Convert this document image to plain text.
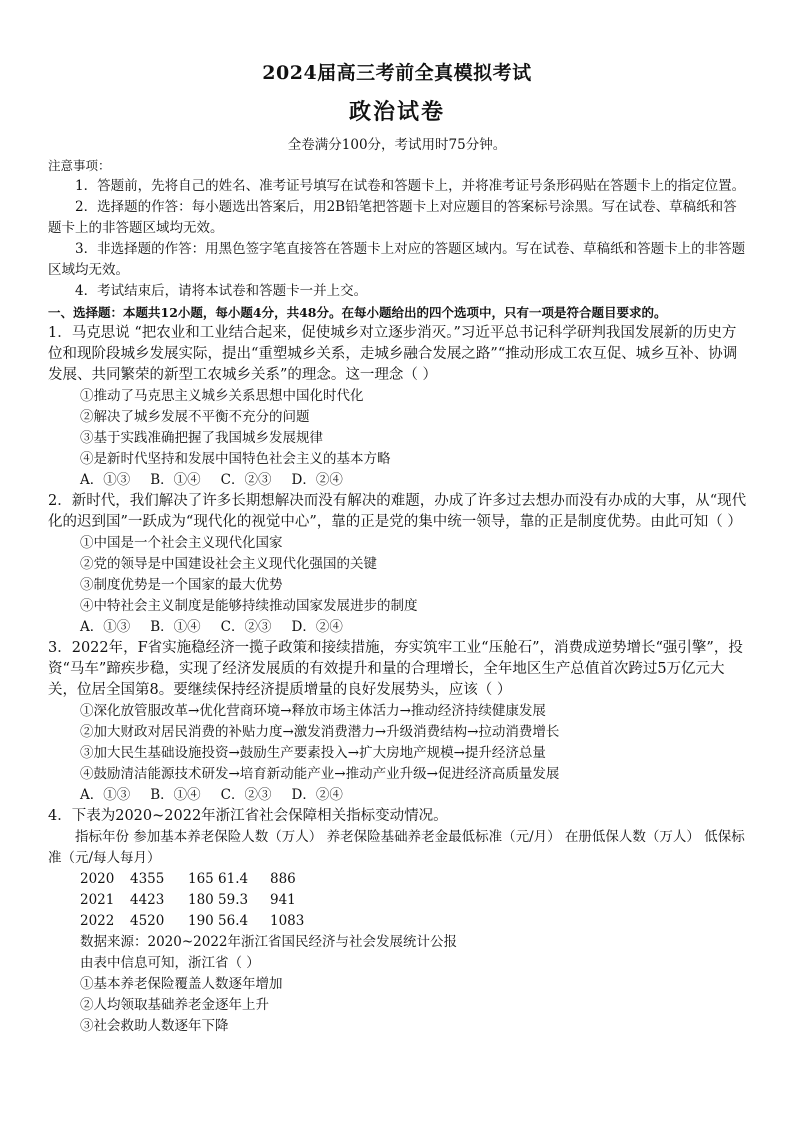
2024届高三考前全真模拟考试
政治试卷
全卷满分100分，考试用时75分钟。

注意事项：

1．答题前，先将自己的姓名、准考证号填写在试卷和答题卡上，并将准考证号条形码贴在答题卡上的指定位置。

2．选择题的作答：每小题选出答案后，用2B铅笔把答题卡上对应题目的答案标号涂黑。写在试卷、草稿纸和答题卡上的非答题区域均无效。

3．非选择题的作答：用黑色签字笔直接答在答题卡上对应的答题区域内。写在试卷、草稿纸和答题卡上的非答题区域均无效。

4．考试结束后，请将本试卷和答题卡一并上交。

一、选择题：本题共12小题，每小题4分，共48分。在每小题给出的四个选项中，只有一项是符合题目要求的。

1．马克思说 “把农业和工业结合起来，促使城乡对立逐步消灭。”习近平总书记科学研判我国发展新的历史方位和现阶段城乡发展实际，提出“重塑城乡关系，走城乡融合发展之路”“推动形成工农互促、城乡互补、协调发展、共同繁荣的新型工农城乡关系”的理念。这一理念（ ）

①推动了马克思主义城乡关系思想中国化时代化

②解决了城乡发展不平衡不充分的问题

③基于实践准确把握了我国城乡发展规律

④是新时代坚持和发展中国特色社会主义的基本方略

A．①③ B．①④ C．②③ D．②④

2．新时代，我们解决了许多长期想解决而没有解决的难题，办成了许多过去想办而没有办成的大事，从“现代化的迟到国”一跃成为“现代化的视觉中心”，靠的正是党的集中统一领导，靠的正是制度优势。由此可知（ ）

①中国是一个社会主义现代化国家

②党的领导是中国建设社会主义现代化强国的关键

③制度优势是一个国家的最大优势

④中特社会主义制度是能够持续推动国家发展进步的制度

A．①③ B．①④ C．②③ D．②④

3．2022年，F省实施稳经济一揽子政策和接续措施，夯实筑牢工业“压舱石”，消费成逆势增长“强引擎”，投资“马车”蹄疾步稳，实现了经济发展质的有效提升和量的合理增长，全年地区生产总值首次跨过5万亿元大关，位居全国第8。要继续保持经济提质增量的良好发展势头，应该（ ）

①深化放管服改革→优化营商环境→释放市场主体活力→推动经济持续健康发展

②加大财政对居民消费的补贴力度→激发消费潜力→升级消费结构→拉动消费增长

③加大民生基础设施投资→鼓励生产要素投入→扩大房地产规模→提升经济总量

④鼓励清洁能源技术研发→培育新动能产业→推动产业升级→促进经济高质量发展

A．①③ B．①④ C．②③ D．②④

4．下表为2020~2022年浙江省社会保障相关指标变动情况。

指标年份 参加基本养老保险人数（万人） 养老保险基础养老金最低标准（元/月） 在册低保人数（万人） 低保标准（元/每人每月）

2020 4355 165 61.4 886

2021 4423 180 59.3 941

2022 4520 190 56.4 1083

数据来源：2020~2022年浙江省国民经济与社会发展统计公报

由表中信息可知，浙江省（ ）

①基本养老保险覆盖人数逐年增加

②人均领取基础养老金逐年上升

③社会救助人数逐年下降
